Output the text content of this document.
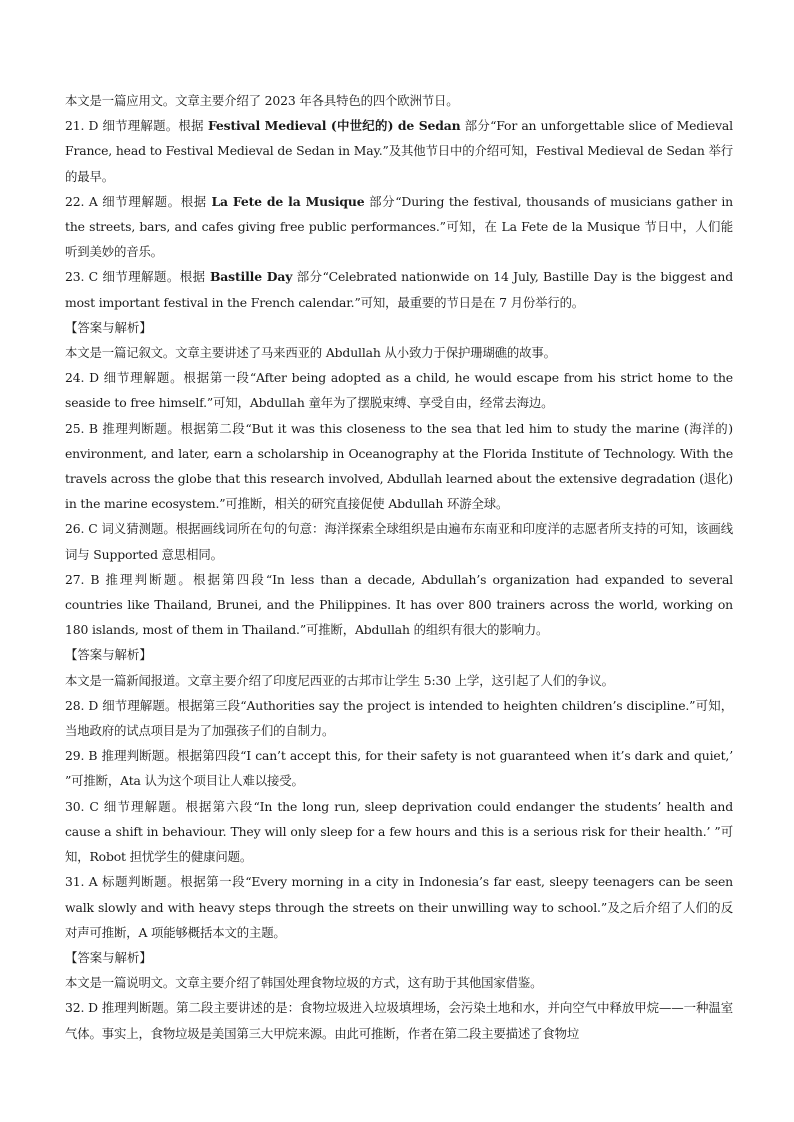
本文是一篇应用文。文章主要介绍了 2023 年各具特色的四个欧洲节日。

21. D 细节理解题。根据 Festival Medieval (中世纪的) de Sedan 部分“For an unforgettable slice of Medieval France, head to Festival Medieval de Sedan in May.”及其他节日中的介绍可知，Festival Medieval de Sedan 举行的最早。

22. A 细节理解题。根据 La Fete de la Musique 部分“During the festival, thousands of musicians gather in the streets, bars, and cafes giving free public performances.”可知，在 La Fete de la Musique 节日中，人们能听到美妙的音乐。

23. C 细节理解题。根据 Bastille Day 部分“Celebrated nationwide on 14 July, Bastille Day is the biggest and most important festival in the French calendar.”可知，最重要的节日是在 7 月份举行的。

【答案与解析】

本文是一篇记叙文。文章主要讲述了马来西亚的 Abdullah 从小致力于保护珊瑚礁的故事。

24. D 细节理解题。根据第一段“After being adopted as a child, he would escape from his strict home to the seaside to free himself.”可知，Abdullah 童年为了摆脱束缚、享受自由，经常去海边。

25. B 推理判断题。根据第二段“But it was this closeness to the sea that led him to study the marine (海洋的) environment, and later, earn a scholarship in Oceanography at the Florida Institute of Technology. With the travels across the globe that this research involved, Abdullah learned about the extensive degradation (退化) in the marine ecosystem.”可推断，相关的研究直接促使 Abdullah 环游全球。

26. C 词义猜测题。根据画线词所在句的句意：海洋探索全球组织是由遍布东南亚和印度洋的志愿者所支持的可知，该画线词与 Supported 意思相同。

27. B 推理判断题。根据第四段“In less than a decade, Abdullah’s organization had expanded to several countries like Thailand, Brunei, and the Philippines. It has over 800 trainers across the world, working on 180 islands, most of them in Thailand.”可推断，Abdullah 的组织有很大的影响力。

【答案与解析】

本文是一篇新闻报道。文章主要介绍了印度尼西亚的古邦市让学生 5:30 上学，这引起了人们的争议。

28. D 细节理解题。根据第三段“Authorities say the project is intended to heighten children’s discipline.”可知，当地政府的试点项目是为了加强孩子们的自制力。

29. B 推理判断题。根据第四段“I can’t accept this, for their safety is not guaranteed when it’s dark and quiet,’ ”可推断，Ata 认为这个项目让人难以接受。

30. C 细节理解题。根据第六段“In the long run, sleep deprivation could endanger the students’ health and cause a shift in behaviour. They will only sleep for a few hours and this is a serious risk for their health.’ ”可知，Robot 担忧学生的健康问题。

31. A 标题判断题。根据第一段“Every morning in a city in Indonesia’s far east, sleepy teenagers can be seen walk slowly and with heavy steps through the streets on their unwilling way to school.”及之后介绍了人们的反对声可推断，A 项能够概括本文的主题。

【答案与解析】

本文是一篇说明文。文章主要介绍了韩国处理食物垃圾的方式，这有助于其他国家借鉴。

32. D 推理判断题。第二段主要讲述的是：食物垃圾进入垃圾填埋场，会污染土地和水，并向空气中释放甲烷——一种温室气体。事实上，食物垃圾是美国第三大甲烷来源。由此可推断，作者在第二段主要描述了食物垃
